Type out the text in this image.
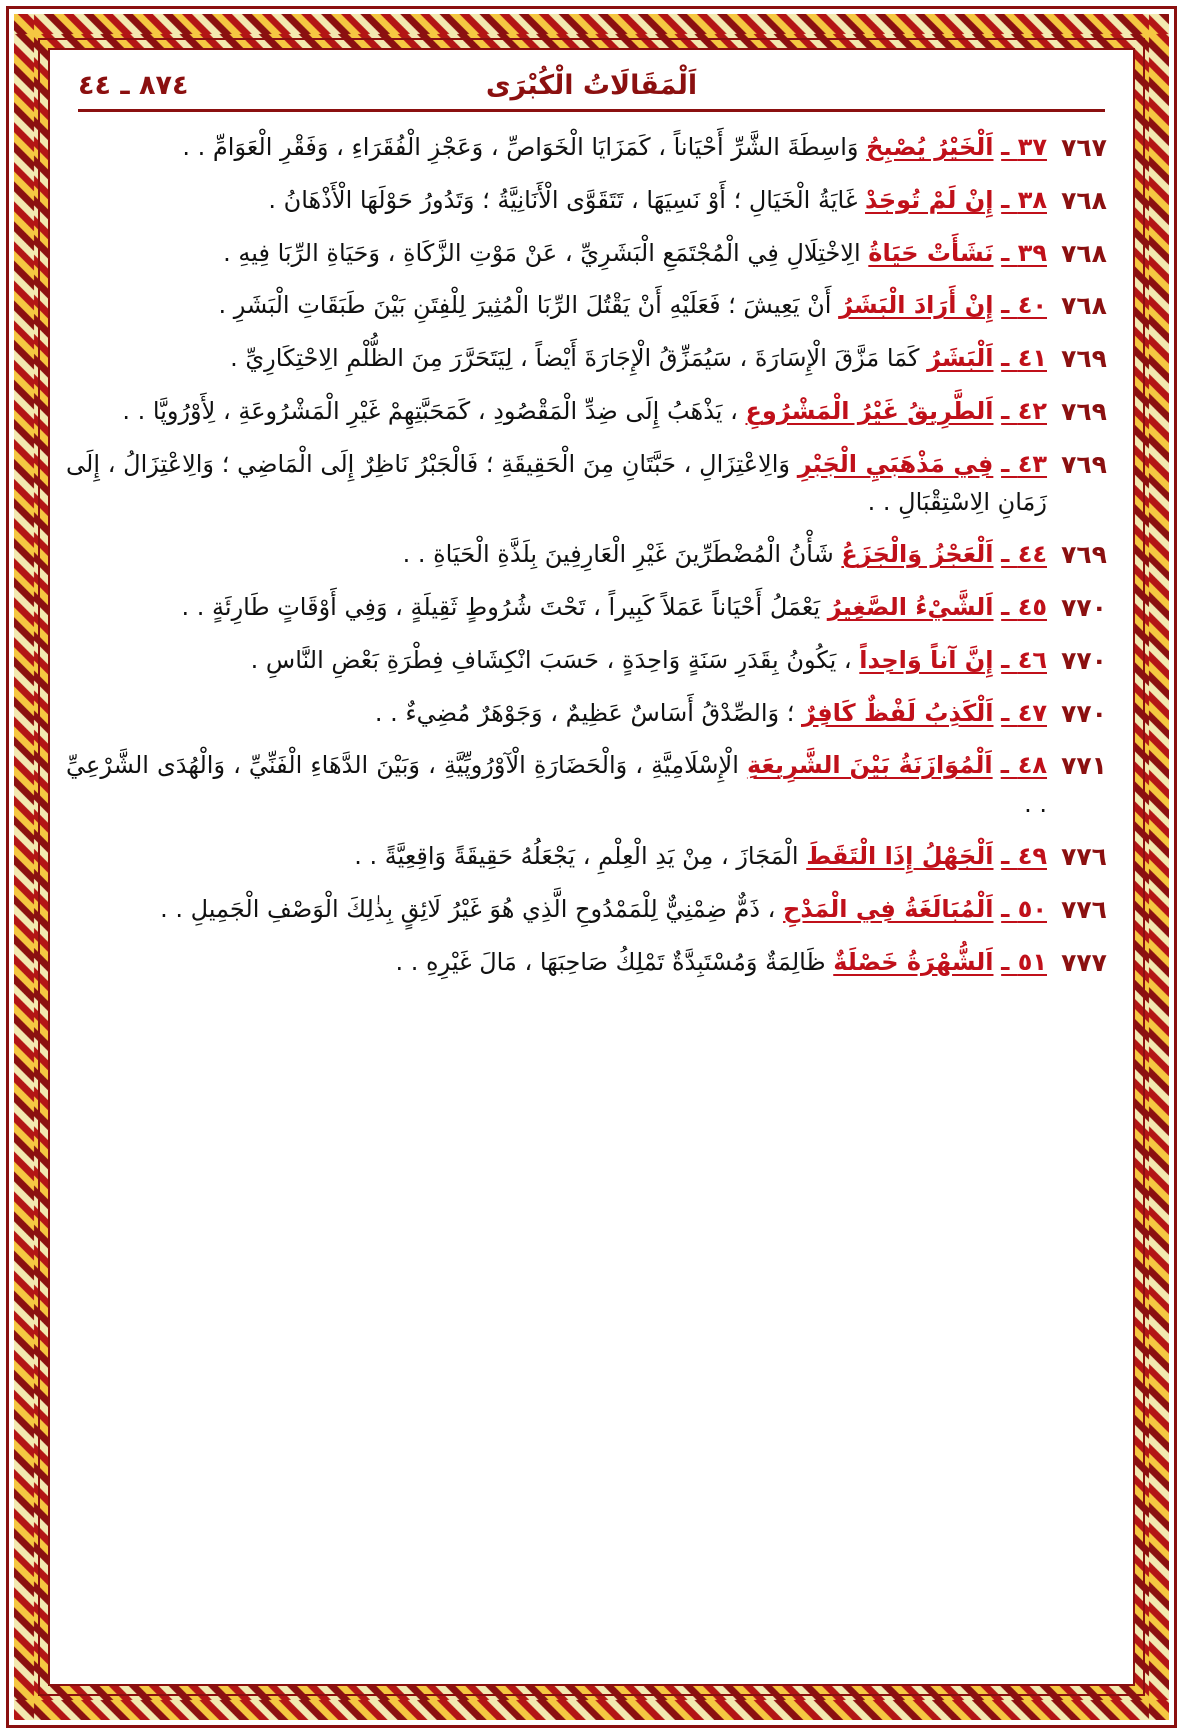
اَلْمَقَالَاتُ الْكُبْرَى
٨٧٤ ـ ٤٤
٧٦٧
٣٧ ـ اَلْخَيْرُ يُصْبِحُ وَاسِطَةَ الشَّرِّ أَحْيَاناً ، كَمَزَايَا الْخَوَاصِّ ، وَعَجْزِ الْفُقَرَاءِ ، وَفَقْرِ الْعَوَامِّ . .
٧٦٨
٣٨ ـ إِنْ لَمْ تُوجَدْ غَايَةُ الْخَيَالِ ؛ أَوْ نَسِيَهَا ، تَتَقَوَّى الْأَنَانِيَّةُ ؛ وَتَدُورُ حَوْلَهَا الْأَذْهَانُ .
٧٦٨
٣٩ ـ نَشَأَتْ حَيَاةُ الِاخْتِلَالِ فِي الْمُجْتَمَعِ الْبَشَرِيِّ ، عَنْ مَوْتِ الزَّكَاةِ ، وَحَيَاةِ الرِّبَا فِيهِ .
٧٦٨
٤٠ ـ إِنْ أَرَادَ الْبَشَرُ أَنْ يَعِيشَ ؛ فَعَلَيْهِ أَنْ يَقْتُلَ الرِّبَا الْمُثِيرَ لِلْفِتَنِ بَيْنَ طَبَقَاتِ الْبَشَرِ .
٧٦٩
٤١ ـ اَلْبَشَرُ كَمَا مَزَّقَ الْإِسَارَةَ ، سَيُمَزِّقُ الْإِجَارَةَ أَيْضاً ، لِيَتَحَرَّرَ مِنَ الظُّلْمِ الِاحْتِكَارِيِّ .
٧٦٩
٤٢ ـ اَلطَّرِيقُ غَيْرُ الْمَشْرُوعِ ، يَذْهَبُ إِلَى ضِدِّ الْمَقْصُودِ ، كَمَحَبَّتِهِمْ غَيْرِ الْمَشْرُوعَةِ ، لِأَوْرُوپَّا . .
٧٦٩
٤٣ ـ فِي مَذْهَبَيِ الْجَبْرِ وَالِاعْتِزَالِ ، حَبَّتَانِ مِنَ الْحَقِيقَةِ ؛ فَالْجَبْرُ نَاظِرٌ إِلَى الْمَاضِي ؛ وَالِاعْتِزَالُ ، إِلَى زَمَانِ الِاسْتِقْبَالِ . .
٧٦٩
٤٤ ـ اَلْعَجْزُ وَالْجَزَعُ شَأْنُ الْمُضْطَرِّينَ غَيْرِ الْعَارِفِينَ بِلَذَّةِ الْحَيَاةِ . .
٧٧٠
٤٥ ـ اَلشَّيْءُ الصَّغِيرُ يَعْمَلُ أَحْيَاناً عَمَلاً كَبِيراً ، تَحْتَ شُرُوطٍ ثَقِيلَةٍ ، وَفِي أَوْقَاتٍ طَارِئَةٍ . .
٧٧٠
٤٦ ـ إِنَّ آناً وَاحِداً ، يَكُونُ بِقَدَرِ سَنَةٍ وَاحِدَةٍ ، حَسَبَ انْكِشَافِ فِطْرَةِ بَعْضِ النَّاسِ .
٧٧٠
٤٧ ـ اَلْكَذِبُ لَفْظٌ كَافِرٌ ؛ وَالصِّدْقُ أَسَاسٌ عَظِيمٌ ، وَجَوْهَرٌ مُضِيءٌ . .
٧٧١
٤٨ ـ اَلْمُوَازَنَةُ بَيْنَ الشَّرِيعَةِ الْإِسْلَامِيَّةِ ، وَالْحَضَارَةِ الْآوْرُوپِّيَّةِ ، وَبَيْنَ الدَّهَاءِ الْفَنِّيِّ ، وَالْهُدَى الشَّرْعِيِّ . .
٧٧٦
٤٩ ـ اَلْجَهْلُ إِذَا الْتَقَطَ الْمَجَازَ ، مِنْ يَدِ الْعِلْمِ ، يَجْعَلُهُ حَقِيقَةً وَاقِعِيَّةً . .
٧٧٦
٥٠ ـ اَلْمُبَالَغَةُ فِي الْمَدْحِ ، ذَمٌّ ضِمْنِيٌّ لِلْمَمْدُوحِ الَّذِي هُوَ غَيْرُ لَائِقٍ بِذٰلِكَ الْوَصْفِ الْجَمِيلِ . .
٧٧٧
٥١ ـ اَلشُّهْرَةُ خَصْلَةٌ ظَالِمَةٌ وَمُسْتَبِدَّةٌ تَمْلِكُ صَاحِبَهَا ، مَالَ غَيْرِهِ . .
